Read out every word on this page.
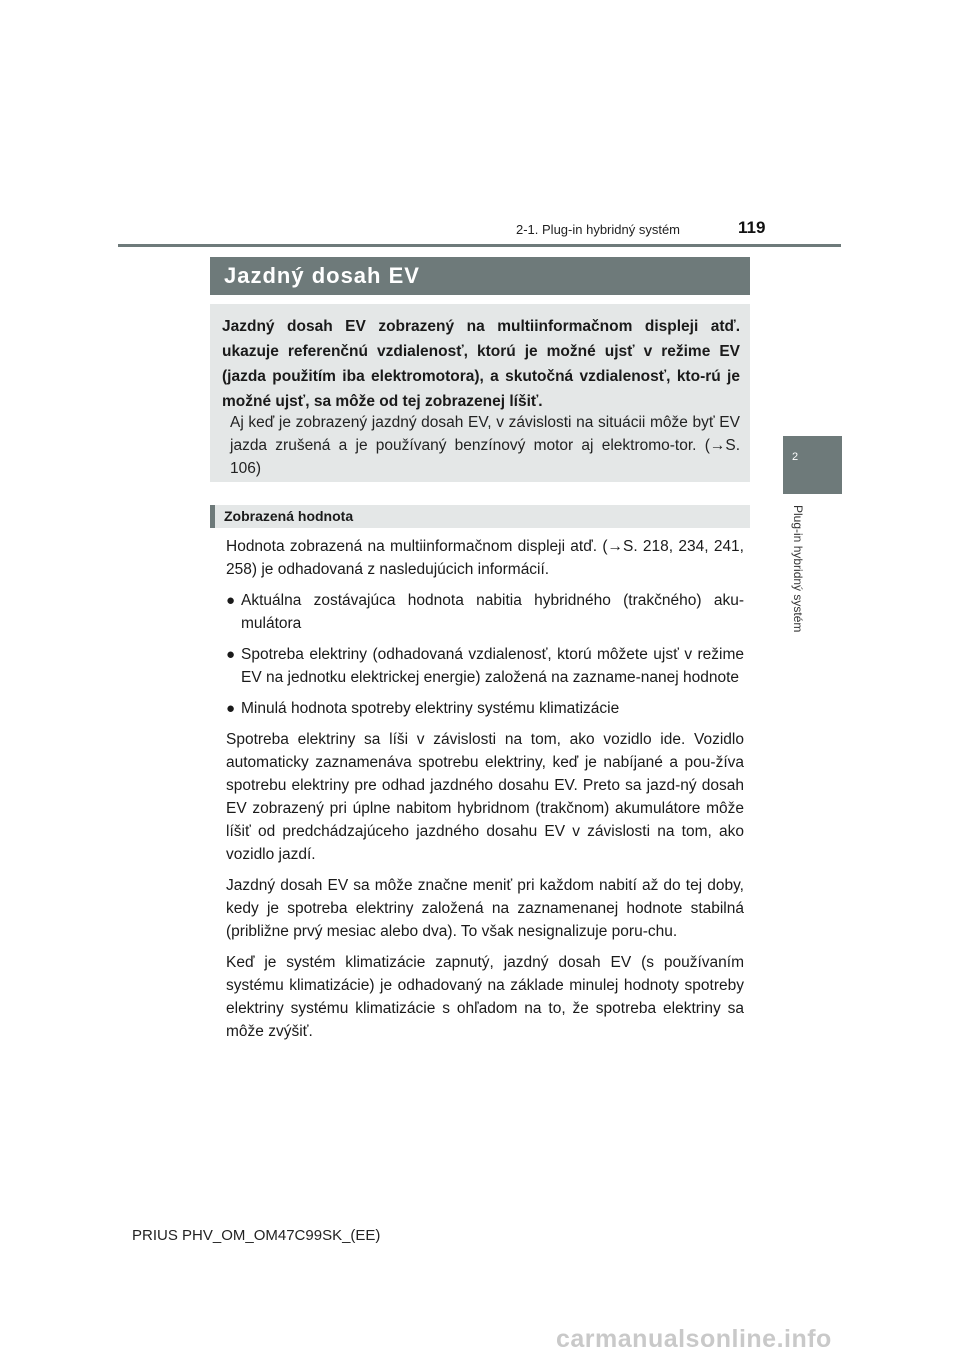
2-1. Plug-in hybridný systém	119
2
Plug-in hybridný systém
Jazdný dosah EV
Jazdný dosah EV zobrazený na multiinformačnom displeji atď. ukazuje referenčnú vzdialenosť, ktorú je možné ujsť v režime EV (jazda použitím iba elektromotora), a skutočná vzdialenosť, kto-rú je možné ujsť, sa môže od tej zobrazenej líšiť.
Aj keď je zobrazený jazdný dosah EV, v závislosti na situácii môže byť EV jazda zrušená a je používaný benzínový motor aj elektromo-tor. (→S. 106)
Zobrazená hodnota

Hodnota zobrazená na multiinformačnom displeji atď. (→S. 218, 234, 241, 258) je odhadovaná z nasledujúcich informácií.

● Aktuálna zostávajúca hodnota nabitia hybridného (trakčného) aku-mulátora
● Spotreba elektriny (odhadovaná vzdialenosť, ktorú môžete ujsť v režime EV na jednotku elektrickej energie) založená na zazname-nanej hodnote
● Minulá hodnota spotreby elektriny systému klimatizácie

Spotreba elektriny sa líši v závislosti na tom, ako vozidlo ide. Vozidlo automaticky zaznamenáva spotrebu elektriny, keď je nabíjané a pou-žíva spotrebu elektriny pre odhad jazdného dosahu EV. Preto sa jazd-ný dosah EV zobrazený pri úplne nabitom hybridnom (trakčnom) akumulátore môže líšiť od predchádzajúceho jazdného dosahu EV v závislosti na tom, ako vozidlo jazdí.

Jazdný dosah EV sa môže značne meniť pri každom nabití až do tej doby, kedy je spotreba elektriny založená na zaznamenanej hodnote stabilná (približne prvý mesiac alebo dva). To však nesignalizuje poru-chu.

Keď je systém klimatizácie zapnutý, jazdný dosah EV (s používaním systému klimatizácie) je odhadovaný na základe minulej hodnoty spotreby elektriny systému klimatizácie s ohľadom na to, že spotreba elektriny sa môže zvýšiť.

PRIUS PHV_OM_OM47C99SK_(EE)
carmanualsonline.info
